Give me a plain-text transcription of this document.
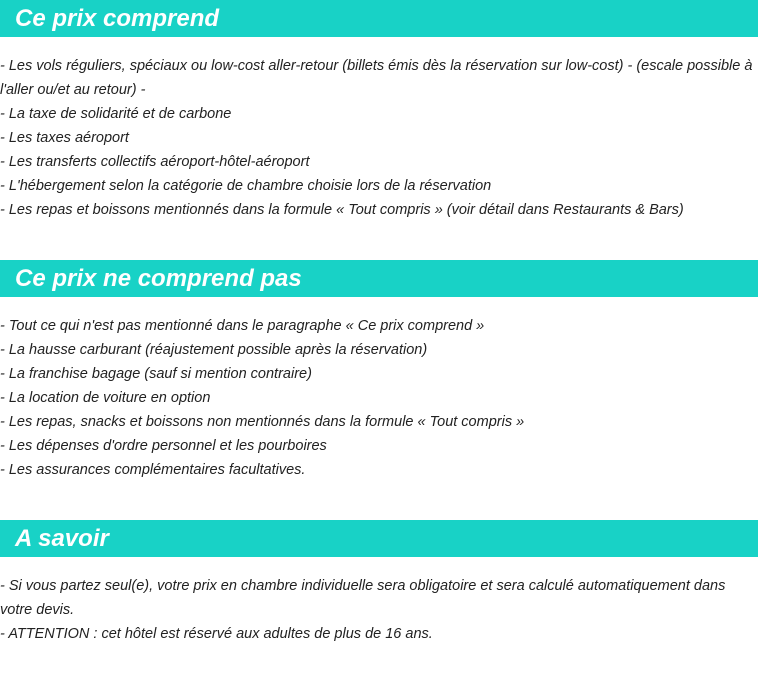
Ce prix comprend
- Les vols réguliers, spéciaux ou low-cost aller-retour (billets émis dès la réservation sur low-cost) - (escale possible à l'aller ou/et au retour) -
- La taxe de solidarité et de carbone
- Les taxes aéroport
- Les transferts collectifs aéroport-hôtel-aéroport
- L'hébergement selon la catégorie de chambre choisie lors de la réservation
- Les repas et boissons mentionnés dans la formule « Tout compris » (voir détail dans Restaurants & Bars)
Ce prix ne comprend pas
- Tout ce qui n'est pas mentionné dans le paragraphe « Ce prix comprend »
- La hausse carburant (réajustement possible après la réservation)
- La franchise bagage (sauf si mention contraire)
- La location de voiture en option
- Les repas, snacks et boissons non mentionnés dans la formule « Tout compris »
- Les dépenses d'ordre personnel et les pourboires
- Les assurances complémentaires facultatives.
A savoir
- Si vous partez seul(e), votre prix en chambre individuelle sera obligatoire et sera calculé automatiquement dans votre devis.
- ATTENTION : cet hôtel est réservé aux adultes de plus de 16 ans.
